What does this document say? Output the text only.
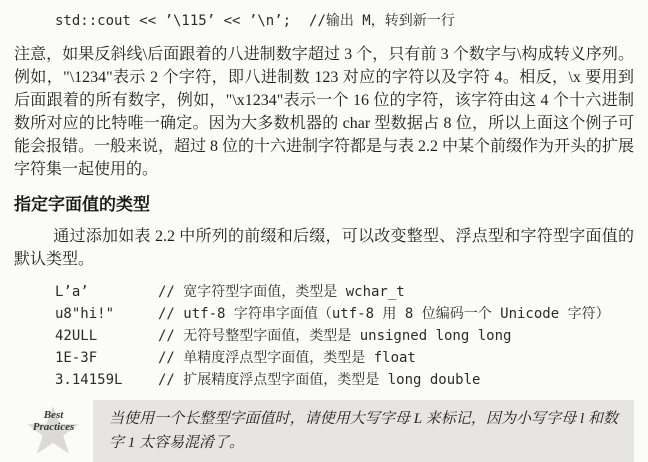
std::cout << ’\115’ << ’\n’; //输出 M，转到新一行

注意，如果反斜线\后面跟着的八进制数字超过 3 个，只有前 3 个数字与\构成转义序列。例如，"\1234"表示 2 个字符，即八进制数 123 对应的字符以及字符 4。相反，\x 要用到后面跟着的所有数字，例如，"\x1234"表示一个 16 位的字符，该字符由这 4 个十六进制数所对应的比特唯一确定。因为大多数机器的 char 型数据占 8 位，所以上面这个例子可能会报错。一般来说，超过 8 位的十六进制字符都是与表 2.2 中某个前缀作为开头的扩展字符集一起使用的。

指定字面值的类型

通过添加如表 2.2 中所列的前缀和后缀，可以改变整型、浮点型和字符型字面值的默认类型。

L’a’	// 宽字符型字面值，类型是 wchar_t
u8"hi!"	// utf-8 字符串字面值（utf-8 用 8 位编码一个 Unicode 字符）
42ULL	// 无符号整型字面值，类型是 unsigned long long
1E-3F	// 单精度浮点型字面值，类型是 float
3.14159L	// 扩展精度浮点型字面值，类型是 long double
Best
Practices	当使用一个长整型字面值时，请使用大写字母 L 来标记，因为小写字母 l 和数字 1 太容易混淆了。
